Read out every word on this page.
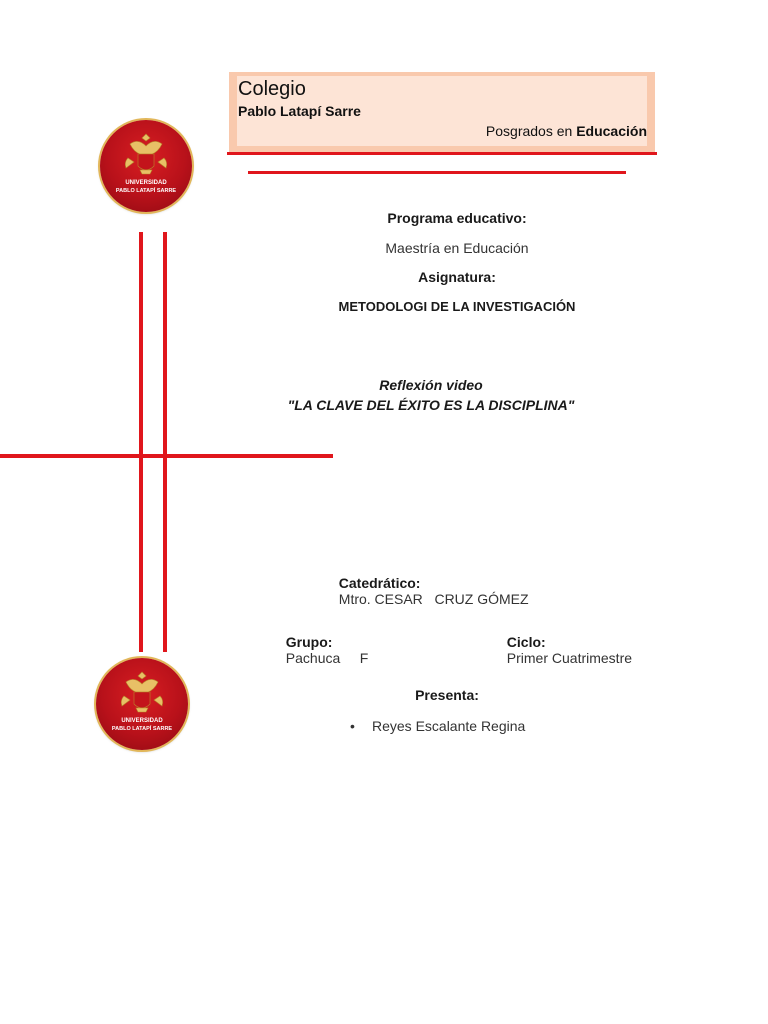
Colegio
Pablo Latapí Sarre
Posgrados en Educación
UNIVERSIDAD
PABLO LATAPÍ SARRE
UNIVERSIDAD
PABLO LATAPÍ SARRE
Programa educativo:
Maestría en Educación
Asignatura:
METODOLOGI DE LA INVESTIGACIÓN
Reflexión video
"LA CLAVE DEL ÉXITO ES LA DISCIPLINA"

Catedrático:
Mtro. CESAR   CRUZ GÓMEZ

Grupo:
Pachuca     F

Ciclo:
Primer Cuatrimestre

Presenta:
• Reyes Escalante Regina
